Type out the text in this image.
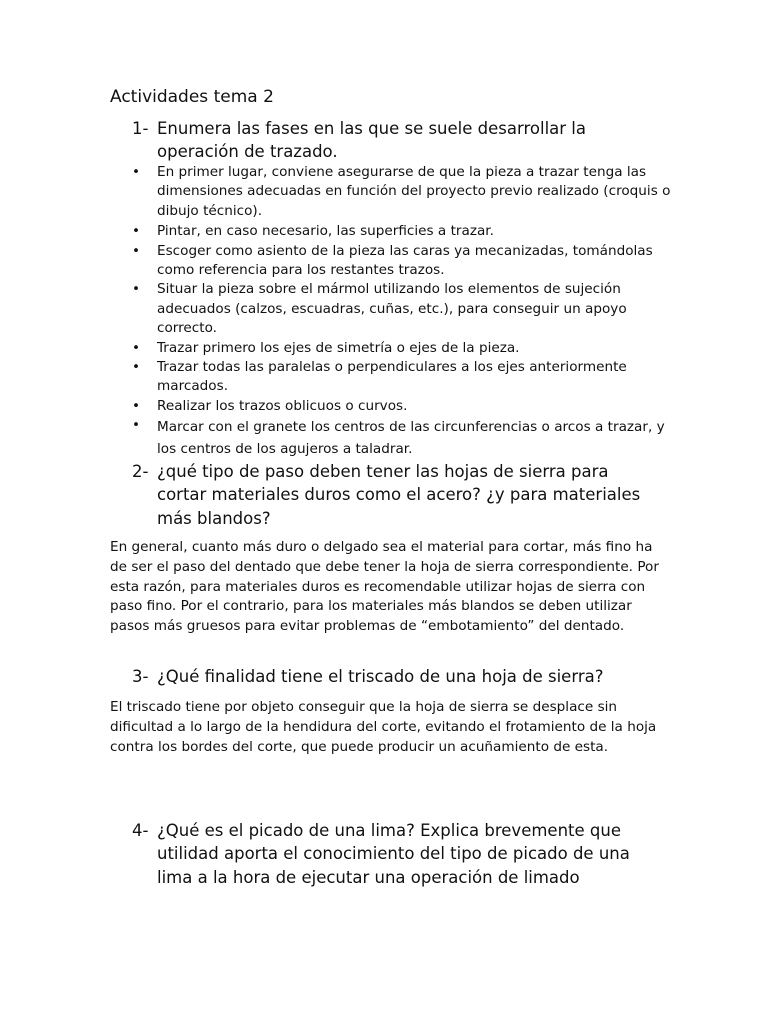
Actividades tema 2
1- Enumera las fases en las que se suele desarrollar la operación de trazado.
• En primer lugar, conviene asegurarse de que la pieza a trazar tenga las dimensiones adecuadas en función del proyecto previo realizado (croquis o dibujo técnico).
• Pintar, en caso necesario, las superficies a trazar.
• Escoger como asiento de la pieza las caras ya mecanizadas, tomándolas como referencia para los restantes trazos.
• Situar la pieza sobre el mármol utilizando los elementos de sujeción adecuados (calzos, escuadras, cuñas, etc.), para conseguir un apoyo correcto.
• Trazar primero los ejes de simetría o ejes de la pieza.
• Trazar todas las paralelas o perpendiculares a los ejes anteriormente marcados.
• Realizar los trazos oblicuos o curvos.
• Marcar con el granete los centros de las circunferencias o arcos a trazar, y los centros de los agujeros a taladrar.
2- ¿qué tipo de paso deben tener las hojas de sierra para cortar materiales duros como el acero? ¿y para materiales más blandos?

En general, cuanto más duro o delgado sea el material para cortar, más fino ha de ser el paso del dentado que debe tener la hoja de sierra correspondiente. Por esta razón, para materiales duros es recomendable utilizar hojas de sierra con paso fino. Por el contrario, para los materiales más blandos se deben utilizar pasos más gruesos para evitar problemas de “embotamiento” del dentado.

3- ¿Qué finalidad tiene el triscado de una hoja de sierra?

El triscado tiene por objeto conseguir que la hoja de sierra se desplace sin dificultad a lo largo de la hendidura del corte, evitando el frotamiento de la hoja contra los bordes del corte, que puede producir un acuñamiento de esta.

4- ¿Qué es el picado de una lima? Explica brevemente que utilidad aporta el conocimiento del tipo de picado de una lima a la hora de ejecutar una operación de limado
